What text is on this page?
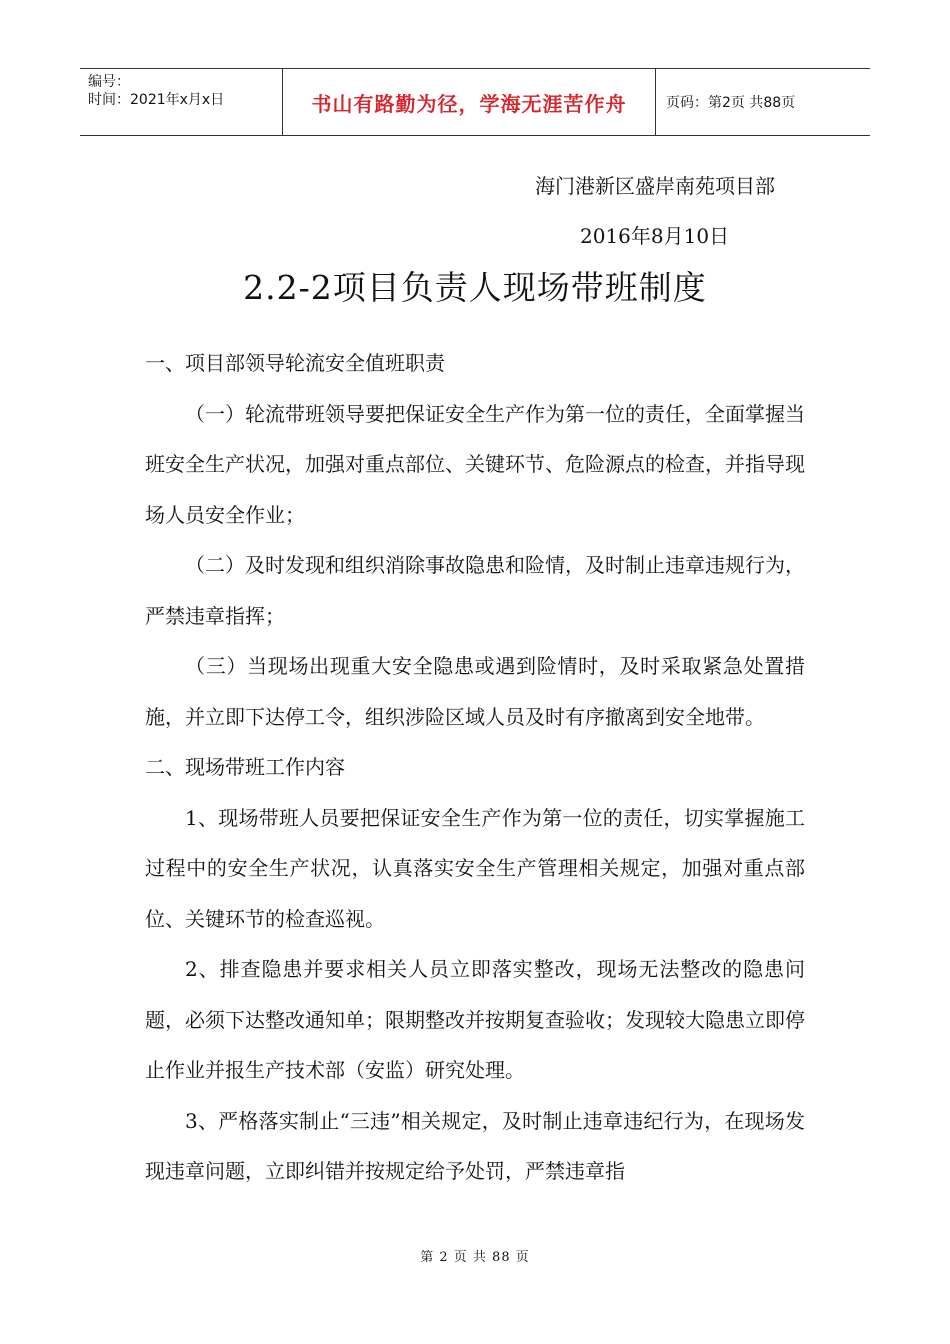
编号：
时间：2021年x月x日	书山有路勤为径，学海无涯苦作舟	页码：第2页 共88页
海门港新区盛岸南苑项目部
2016年8月10日
2.2-2项目负责人现场带班制度

一、项目部领导轮流安全值班职责

（一）轮流带班领导要把保证安全生产作为第一位的责任，全面掌握当班安全生产状况，加强对重点部位、关键环节、危险源点的检查，并指导现场人员安全作业；

（二）及时发现和组织消除事故隐患和险情，及时制止违章违规行为，严禁违章指挥；

（三）当现场出现重大安全隐患或遇到险情时，及时采取紧急处置措施，并立即下达停工令，组织涉险区域人员及时有序撤离到安全地带。

二、现场带班工作内容

1、现场带班人员要把保证安全生产作为第一位的责任，切实掌握施工过程中的安全生产状况，认真落实安全生产管理相关规定，加强对重点部位、关键环节的检查巡视。

2、排查隐患并要求相关人员立即落实整改，现场无法整改的隐患问题，必须下达整改通知单；限期整改并按期复查验收；发现较大隐患立即停止作业并报生产技术部（安监）研究处理。

3、严格落实制止“三违”相关规定，及时制止违章违纪行为，在现场发现违章问题，立即纠错并按规定给予处罚，严禁违章指

第 2 页 共 88 页
